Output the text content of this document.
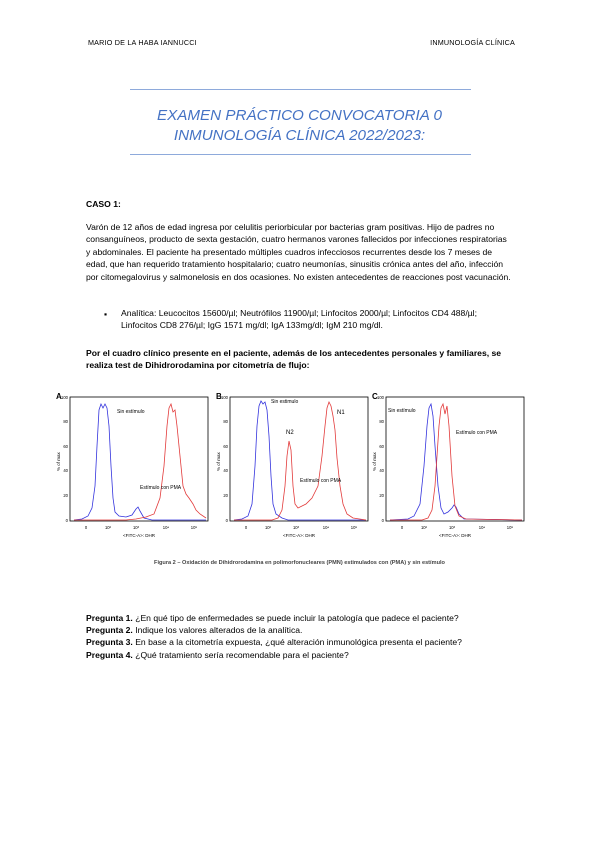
MARIO DE LA HABA IANNUCCI	INMUNOLOGÍA CLÍNICA
EXAMEN PRÁCTICO CONVOCATORIA 0
INMUNOLOGÍA CLÍNICA 2022/2023:
CASO 1:
Varón de 12 años de edad ingresa por celulitis periorbicular por bacterias gram positivas. Hijo de padres no consanguíneos, producto de sexta gestación, cuatro hermanos varones fallecidos por infecciones respiratorias y abdominales. El paciente ha presentado múltiples cuadros infecciosos recurrentes desde los 7 meses de edad, que han requerido tratamiento hospitalario; cuatro neumonías, sinusitis crónica antes del año, infección por citomegalovirus y salmonelosis en dos ocasiones. No existen antecedentes de reacciones post vacunación.
▪ Analítica: Leucocitos 15600/µl; Neutrófilos 11900/µl; Linfocitos 2000/µl; Linfocitos CD4 488/µl; Linfocitos CD8 276/µl; IgG 1571 mg/dl; IgA 133mg/dl; IgM 210 mg/dl.
Por el cuadro clínico presente en el paciente, además de los antecedentes personales y familiares, se realiza test de Dihidrorodamina por citometría de flujo:
A
% of max
0
20
40
60
80
100
0	10²	10³	10⁴	10⁵
<FITC-A>: DHR
Sin estímulo
Estímulo con PMA
B
% of max
0
20
40
60
80
100
0	10²	10³	10⁴	10⁵
<FITC-A>: DHR
Sin estimulo
N1
N2
Estímulo con PMA
C
% of max
0
20
40
60
80
100
0	10²	10³	10⁴	10⁵
<FITC-A>: DHR
Sin estímulo
Estímulo con PMA
Figura 2 – Oxidación de Dihidrorodamina en polimorfonucleares (PMN) estimulados con (PMA) y sin estímulo
Pregunta 1. ¿En qué tipo de enfermedades se puede incluir la patología que padece el paciente?
Pregunta 2. Indique los valores alterados de la analítica.
Pregunta 3. En base a la citometría expuesta, ¿qué alteración inmunológica presenta el paciente?
Pregunta 4. ¿Qué tratamiento sería recomendable para el paciente?
